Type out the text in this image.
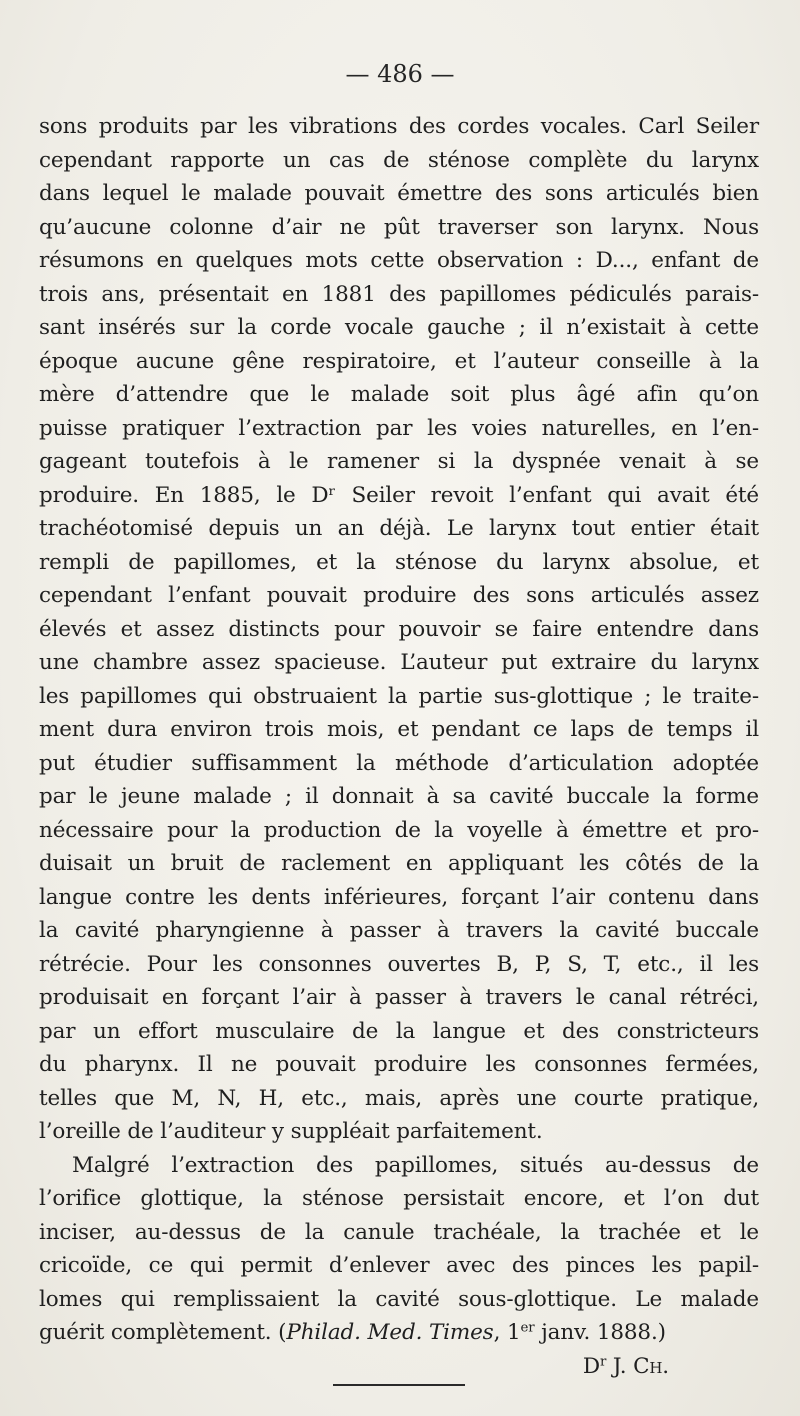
— 486 —
sons produits par les vibrations des cordes vocales. Carl Seiler
cependant rapporte un cas de sténose complète du larynx
dans lequel le malade pouvait émettre des sons articulés bien
qu’aucune colonne d’air ne pût traverser son larynx. Nous
résumons en quelques mots cette observation : D..., enfant de
trois ans, présentait en 1881 des papillomes pédiculés parais-
sant insérés sur la corde vocale gauche ; il n’existait à cette
époque aucune gêne respiratoire, et l’auteur conseille à la
mère d’attendre que le malade soit plus âgé afin qu’on
puisse pratiquer l’extraction par les voies naturelles, en l’en-
gageant toutefois à le ramener si la dyspnée venait à se
produire. En 1885, le Dʳ Seiler revoit l’enfant qui avait été
trachéotomisé depuis un an déjà. Le larynx tout entier était
rempli de papillomes, et la sténose du larynx absolue, et
cependant l’enfant pouvait produire des sons articulés assez
élevés et assez distincts pour pouvoir se faire entendre dans
une chambre assez spacieuse. L’auteur put extraire du larynx
les papillomes qui obstruaient la partie sus-glottique ; le traite-
ment dura environ trois mois, et pendant ce laps de temps il
put étudier suffisamment la méthode d’articulation adoptée
par le jeune malade ; il donnait à sa cavité buccale la forme
nécessaire pour la production de la voyelle à émettre et pro-
duisait un bruit de raclement en appliquant les côtés de la
langue contre les dents inférieures, forçant l’air contenu dans
la cavité pharyngienne à passer à travers la cavité buccale
rétrécie. Pour les consonnes ouvertes B, P, S, T, etc., il les
produisait en forçant l’air à passer à travers le canal rétréci,
par un effort musculaire de la langue et des constricteurs
du pharynx. Il ne pouvait produire les consonnes fermées,
telles que M, N, H, etc., mais, après une courte pratique,
l’oreille de l’auditeur y suppléait parfaitement.
Malgré l’extraction des papillomes, situés au-dessus de
l’orifice glottique, la sténose persistait encore, et l’on dut
inciser, au-dessus de la canule trachéale, la trachée et le
cricoïde, ce qui permit d’enlever avec des pinces les papil-
lomes qui remplissaient la cavité sous-glottique. Le malade
guérit complètement. (Philad. Med. Times, 1er janv. 1888.)
$D^r$ J. Ch.
